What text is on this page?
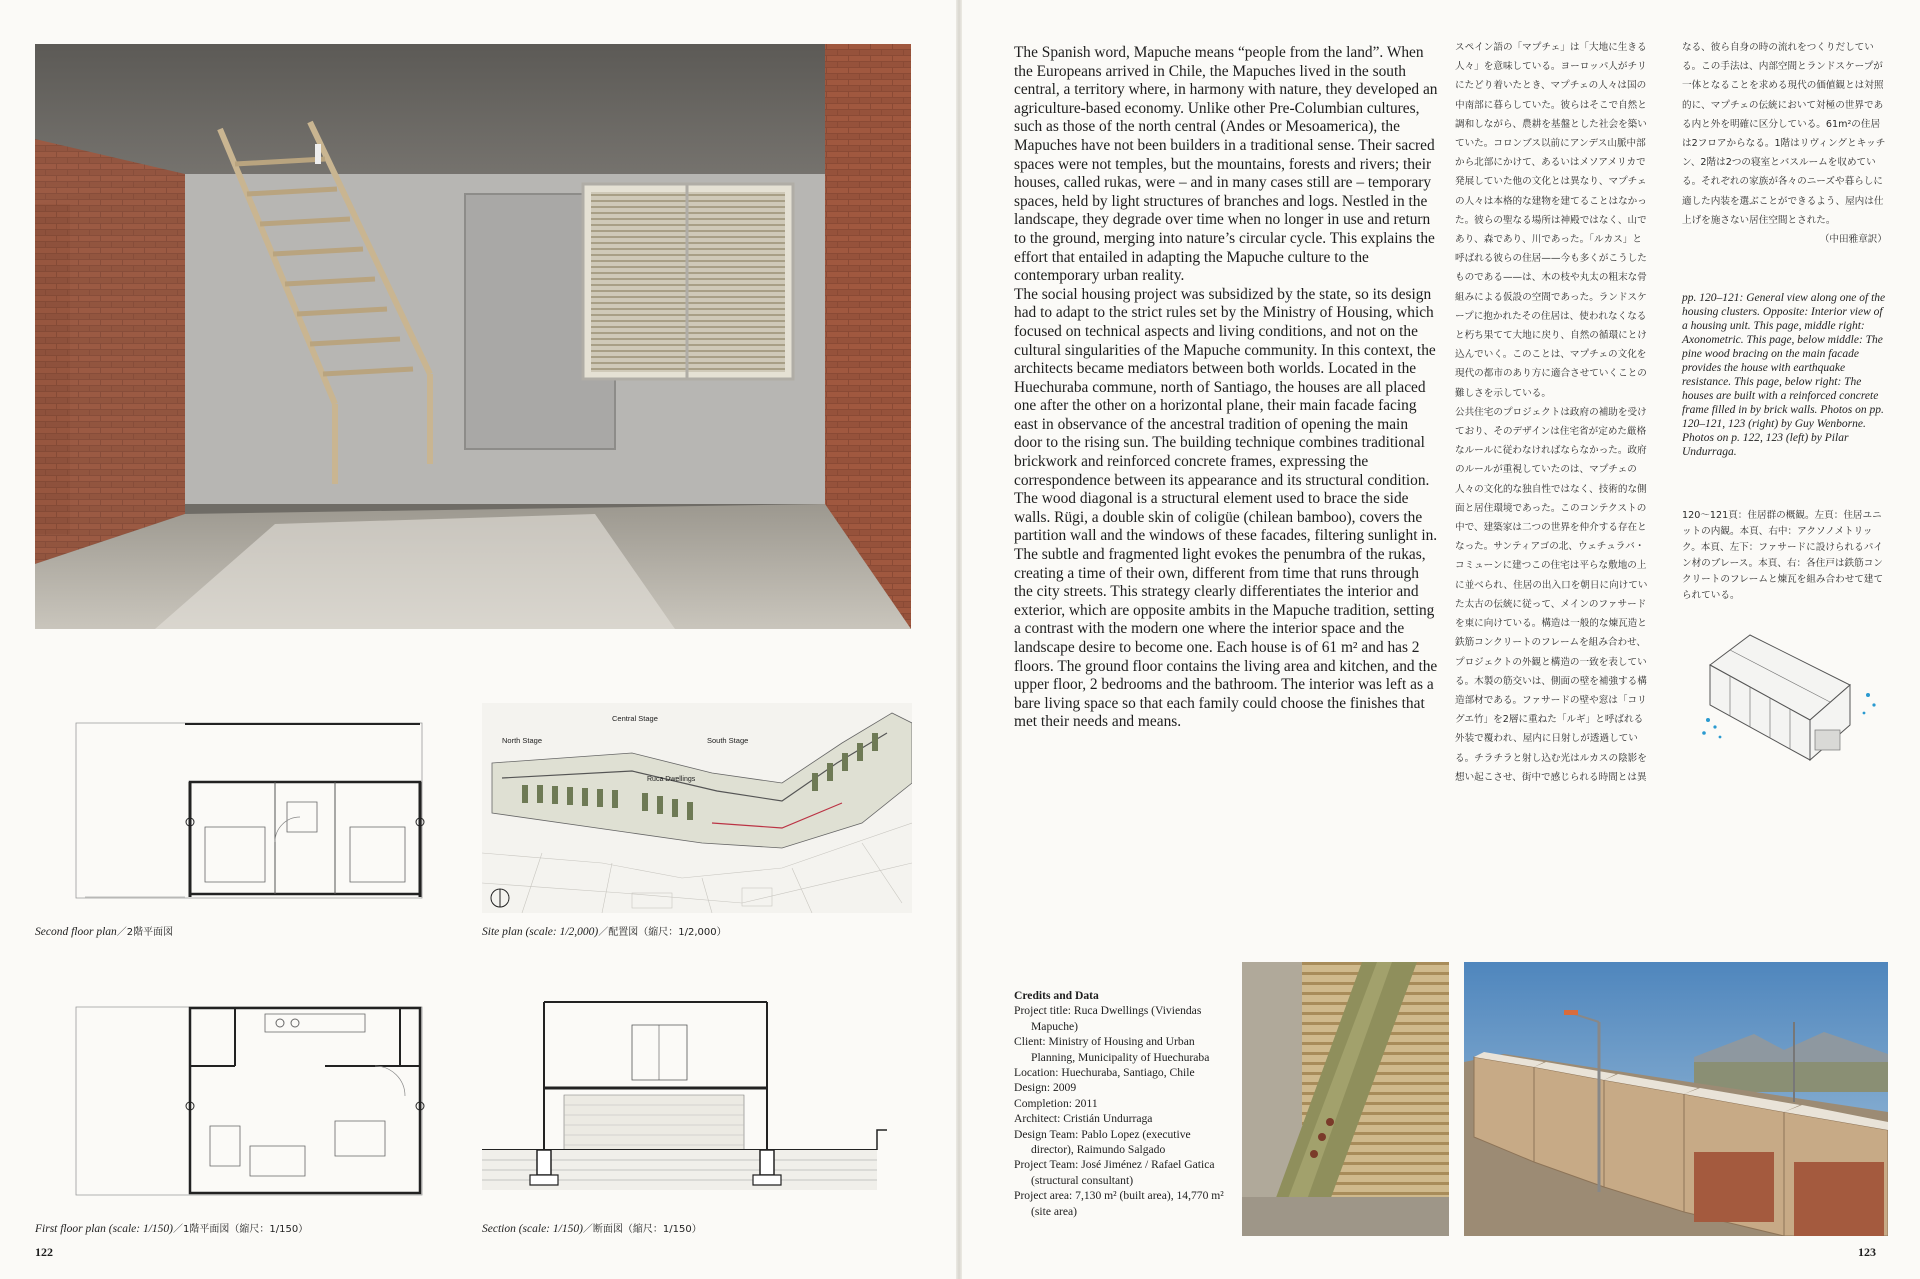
Second floor plan／2階平面図
North Stage
Central Stage
South Stage
Ruca Dwellings
Site plan (scale: 1/2,000)／配置図（縮尺：1/2,000）
First floor plan (scale: 1/150)／1階平面図（縮尺：1/150）	Section (scale: 1/150)／断面図（縮尺：1/150）
122

The Spanish word, Mapuche means “people from the land”. When the Europeans arrived in Chile, the Mapuches lived in the south central, a territory where, in harmony with nature, they developed an agriculture-based economy. Unlike other Pre-Columbian cultures, such as those of the north central (Andes or Mesoamerica), the Mapuches have not been builders in a traditional sense. Their sacred spaces were not temples, but the mountains, forests and rivers; their houses, called rukas, were – and in many cases still are – temporary spaces, held by light structures of branches and logs. Nestled in the landscape, they degrade over time when no longer in use and return to the ground, merging into nature’s circular cycle. This explains the effort that entailed in adapting the Mapuche culture to the contemporary urban reality.

The social housing project was subsidized by the state, so its design had to adapt to the strict rules set by the Ministry of Housing, which focused on technical aspects and living conditions, and not on the cultural singularities of the Mapuche community. In this context, the architects became mediators between both worlds. Located in the Huechuraba commune, north of Santiago, the houses are all placed one after the other on a horizontal plane, their main facade facing east in observance of the ancestral tradition of opening the main door to the rising sun. The building technique combines traditional brickwork and reinforced concrete frames, expressing the correspondence between its appearance and its structural condition. The wood diagonal is a structural element used to brace the side walls. Rügi, a double skin of coligüe (chilean bamboo), covers the partition wall and the windows of these facades, filtering sunlight in. The subtle and fragmented light evokes the penumbra of the rukas, creating a time of their own, different from time that runs through the city streets. This strategy clearly differentiates the interior and exterior, which are opposite ambits in the Mapuche tradition, setting a contrast with the modern one where the interior space and the landscape desire to become one. Each house is of 61 m² and has 2 floors. The ground floor contains the living area and kitchen, and the upper floor, 2 bedrooms and the bathroom. The interior was left as a bare living space so that each family could choose the finishes that met their needs and means.

スペイン語の「マプチェ」は「大地に生きる人々」を意味している。ヨーロッパ人がチリにたどり着いたとき、マプチェの人々は国の中南部に暮らしていた。彼らはそこで自然と調和しながら、農耕を基盤とした社会を築いていた。コロンブス以前にアンデス山脈中部から北部にかけて、あるいはメソアメリカで発展していた他の文化とは異なり、マプチェの人々は本格的な建物を建てることはなかった。彼らの聖なる場所は神殿ではなく、山であり、森であり、川であった。「ルカス」と呼ばれる彼らの住居——今も多くがこうしたものである——は、木の枝や丸太の粗末な骨組みによる仮設の空間であった。ランドスケープに抱かれたその住居は、使われなくなると朽ち果てて大地に戻り、自然の循環にとけ込んでいく。このことは、マプチェの文化を現代の都市のあり方に適合させていくことの難しさを示している。

公共住宅のプロジェクトは政府の補助を受けており、そのデザインは住宅省が定めた厳格なルールに従わなければならなかった。政府のルールが重視していたのは、マプチェの人々の文化的な独自性ではなく、技術的な側面と居住環境であった。このコンテクストの中で、建築家は二つの世界を仲介する存在となった。サンティアゴの北、ウェチュラバ・コミューンに建つこの住宅は平らな敷地の上に並べられ、住居の出入口を朝日に向けていた太古の伝統に従って、メインのファサードを東に向けている。構造は一般的な煉瓦造と鉄筋コンクリートのフレームを組み合わせ、プロジェクトの外観と構造の一致を表している。木製の筋交いは、側面の壁を補強する構造部材である。ファサードの壁や窓は「コリグエ竹」を2層に重ねた「ルギ」と呼ばれる外装で覆われ、屋内に日射しが透過している。チラチラと射し込む光はルカスの陰影を想い起こさせ、街中で感じられる時間とは異

なる、彼ら自身の時の流れをつくりだしている。この手法は、内部空間とランドスケープが一体となることを求める現代の価値観とは対照的に、マプチェの伝統において対極の世界である内と外を明確に区分している。61m²の住居は2フロアからなる。1階はリヴィングとキッチン、2階は2つの寝室とバスルームを収めている。それぞれの家族が各々のニーズや暮らしに適した内装を選ぶことができるよう、屋内は仕上げを施さない居住空間とされた。

（中田雅章訳）
pp. 120–121: General view along one of the housing clusters. Opposite: Interior view of a housing unit. This page, middle right: Axonometric. This page, below middle: The pine wood bracing on the main facade provides the house with earthquake resistance. This page, below right: The houses are built with a reinforced concrete frame filled in by brick walls. Photos on pp. 120–121, 123 (right) by Guy Wenborne. Photos on p. 122, 123 (left) by Pilar Undurraga.
120～121頁：住居群の概観。左頁：住居ユニットの内観。本頁、右中：アクソノメトリック。本頁、左下：ファサードに設けられるパイン材のブレース。本頁、右：各住戸は鉄筋コンクリートのフレームと煉瓦を組み合わせて建てられている。
Credits and Data
Project title: Ruca Dwellings (Viviendas Mapuche)
Client: Ministry of Housing and Urban Planning, Municipality of Huechuraba
Location: Huechuraba, Santiago, Chile
Design: 2009
Completion: 2011
Architect: Cristián Undurraga
Design Team: Pablo Lopez (executive director), Raimundo Salgado
Project Team: José Jiménez / Rafael Gatica (structural consultant)
Project area: 7,130 m² (built area), 14,770 m² (site area)
123
